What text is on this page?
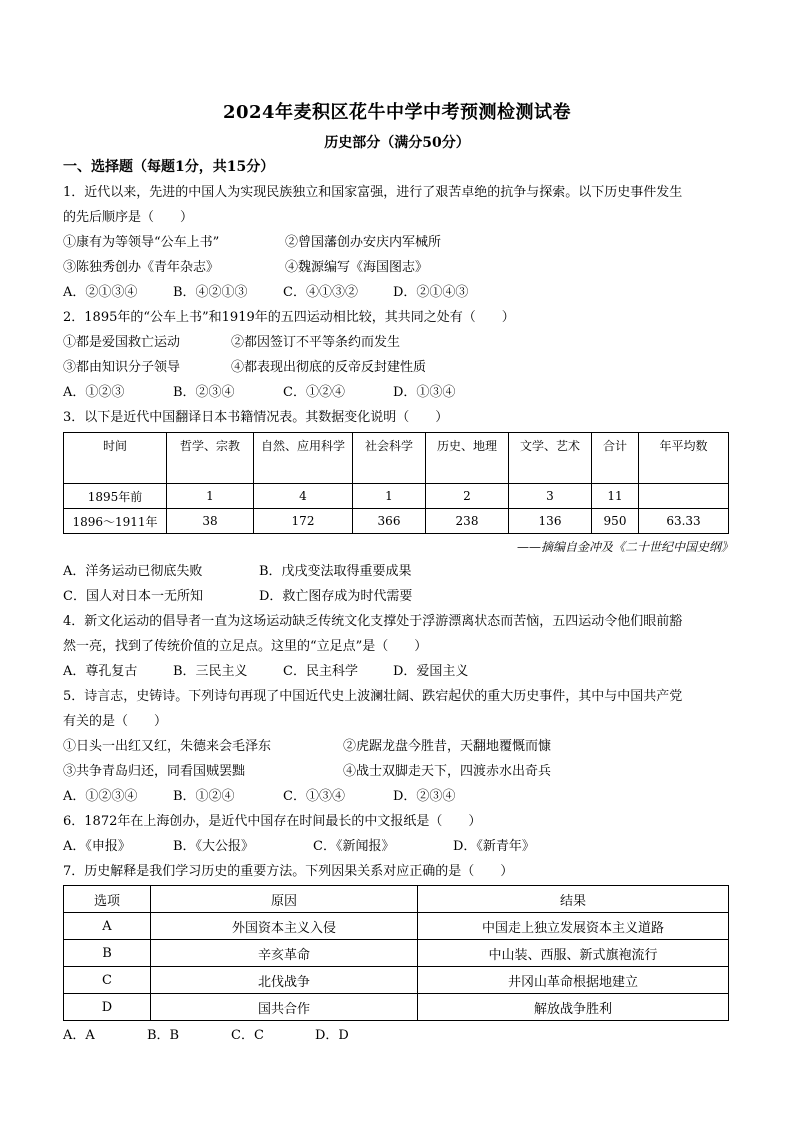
2024年麦积区花牛中学中考预测检测试卷
历史部分（满分50分）
一、选择题（每题1分，共15分）
1．近代以来，先进的中国人为实现民族独立和国家富强，进行了艰苦卓绝的抗争与探索。以下历史事件发生
的先后顺序是（　　）
①康有为等领导“公车上书”	②曾国藩创办安庆内军械所
③陈独秀创办《青年杂志》	④魏源编写《海国图志》
A．②①③④	B．④②①③	C．④①③②	D．②①④③
2．1895年的“公车上书”和1919年的五四运动相比较，其共同之处有（　　）
①都是爱国救亡运动	②都因签订不平等条约而发生
③都由知识分子领导	④都表现出彻底的反帝反封建性质
A．①②③	B．②③④	C．①②④	D．①③④
3．以下是近代中国翻译日本书籍情况表。其数据变化说明（　　）
时间	哲学、宗教	自然、应用科学	社会科学	历史、地理	文学、艺术	合计	年平均数
1895年前	1	4	1	2	3	11	
1896～1911年	38	172	366	238	136	950	63.33
——摘编自金冲及《二十世纪中国史纲》
A．洋务运动已彻底失败	B．戊戌变法取得重要成果
C．国人对日本一无所知	D．救亡图存成为时代需要
4．新文化运动的倡导者一直为这场运动缺乏传统文化支撑处于浮游漂离状态而苦恼，五四运动令他们眼前豁
然一亮，找到了传统价值的立足点。这里的“立足点”是（　　）
A．尊孔复古	B．三民主义	C．民主科学	D．爱国主义
5．诗言志，史铸诗。下列诗句再现了中国近代史上波澜壮阔、跌宕起伏的重大历史事件，其中与中国共产党
有关的是（　　）
①日头一出红又红，朱德来会毛泽东	②虎踞龙盘今胜昔，天翻地覆慨而慷
③共争青岛归还，同看国贼罢黜	④战士双脚走天下，四渡赤水出奇兵
A．①②③④	B．①②④	C．①③④	D．②③④
6．1872年在上海创办，是近代中国存在时间最长的中文报纸是（　　）
A．《申报》	B．《大公报》	C．《新闻报》	D．《新青年》
7．历史解释是我们学习历史的重要方法。下列因果关系对应正确的是（　　）
选项	原因	结果
A	外国资本主义入侵	中国走上独立发展资本主义道路
B	辛亥革命	中山装、西服、新式旗袍流行
C	北伐战争	井冈山革命根据地建立
D	国共合作	解放战争胜利
A．A	B．B	C．C	D．D
